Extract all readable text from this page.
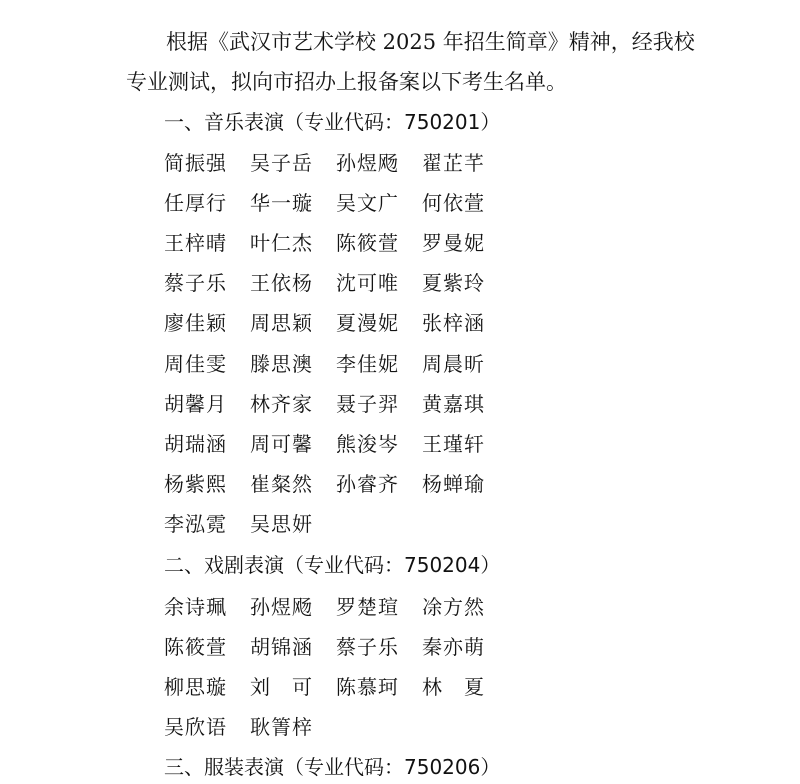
根据《武汉市艺术学校 2025 年招生简章》精神，经我校
专业测试，拟向市招办上报备案以下考生名单。
一、音乐表演（专业代码：750201）
简振强	吴子岳	孙煜飏	翟芷芊
任厚行	华一璇	吴文广	何依萱
王梓晴	叶仁杰	陈筱萱	罗曼妮
蔡子乐	王依杨	沈可唯	夏紫玲
廖佳颖	周思颖	夏漫妮	张梓涵
周佳雯	滕思澳	李佳妮	周晨昕
胡馨月	林齐家	聂子羿	黄嘉琪
胡瑞涵	周可馨	熊浚岑	王瑾轩
杨紫熙	崔粲然	孙睿齐	杨蝉瑜
李泓霓	吴思妍
二、戏剧表演（专业代码：750204）
余诗珮	孙煜飏	罗楚瑄	凃方然
陈筱萱	胡锦涵	蔡子乐	秦亦萌
柳思璇	刘　可	陈慕珂	林　夏
吴欣语	耿箐梓
三、服装表演（专业代码：750206）
